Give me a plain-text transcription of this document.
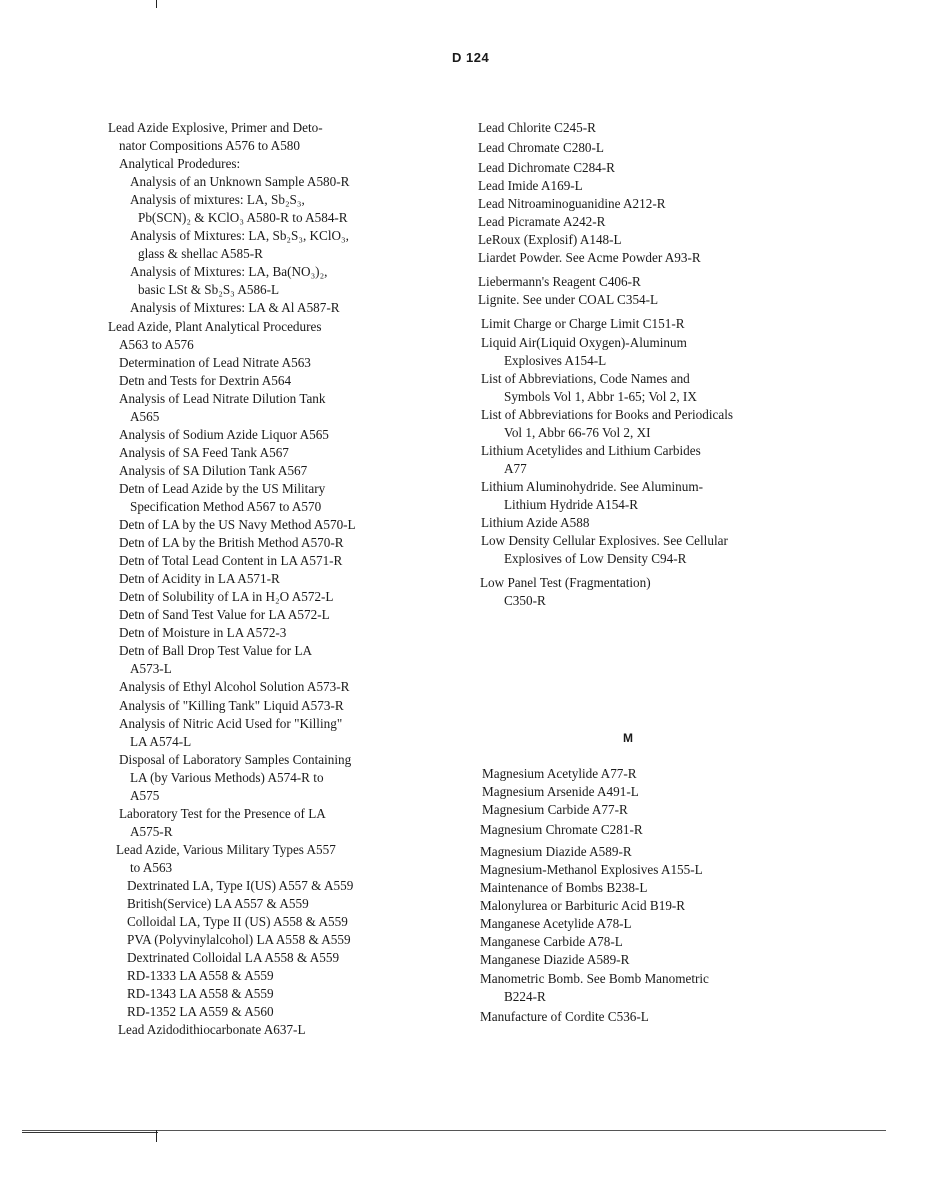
D 124
Lead Azide Explosive, Primer and Deto-
nator Compositions A576 to A580
Analytical Prodedures:
Analysis of an Unknown Sample A580-R
Analysis of mixtures: LA, Sb₂S₃,
Pb(SCN)₂ & KClO₃ A580-R to A584-R
Analysis of Mixtures: LA, Sb₂S₃, KClO₃,
glass & shellac A585-R
Analysis of Mixtures: LA, Ba(NO₃)₂,
basic LSt & Sb₂S₃ A586-L
Analysis of Mixtures: LA & Al A587-R
Lead Azide, Plant Analytical Procedures
A563 to A576
Determination of Lead Nitrate A563
Detn and Tests for Dextrin A564
Analysis of Lead Nitrate Dilution Tank
A565
Analysis of Sodium Azide Liquor A565
Analysis of SA Feed Tank A567
Analysis of SA Dilution Tank A567
Detn of Lead Azide by the US Military
Specification Method A567 to A570
Detn of LA by the US Navy Method A570-L
Detn of LA by the British Method A570-R
Detn of Total Lead Content in LA A571-R
Detn of Acidity in LA A571-R
Detn of Solubility of LA in H₂O A572-L
Detn of Sand Test Value for LA A572-L
Detn of Moisture in LA A572-3
Detn of Ball Drop Test Value for LA
A573-L
Analysis of Ethyl Alcohol Solution A573-R
Analysis of "Killing Tank" Liquid A573-R
Analysis of Nitric Acid Used for "Killing"
LA A574-L
Disposal of Laboratory Samples Containing
LA (by Various Methods) A574-R to
A575
Laboratory Test for the Presence of LA
A575-R
Lead Azide, Various Military Types A557
to A563
Dextrinated LA, Type I(US) A557 & A559
British(Service) LA A557 & A559
Colloidal LA, Type II (US) A558 & A559
PVA (Polyvinylalcohol) LA A558 & A559
Dextrinated Colloidal LA A558 & A559
RD-1333 LA A558 & A559
RD-1343 LA A558 & A559
RD-1352 LA A559 & A560
Lead Azidodithiocarbonate A637-L
Lead Chlorite C245-R
Lead Chromate C280-L
Lead Dichromate C284-R
Lead Imide A169-L
Lead Nitroaminoguanidine A212-R
Lead Picramate A242-R
LeRoux (Explosif) A148-L
Liardet Powder. See Acme Powder A93-R
Liebermann's Reagent C406-R
Lignite. See under COAL C354-L
Limit Charge or Charge Limit C151-R
Liquid Air(Liquid Oxygen)-Aluminum
Explosives A154-L
List of Abbreviations, Code Names and
Symbols Vol 1, Abbr 1-65; Vol 2, IX
List of Abbreviations for Books and Periodicals
Vol 1, Abbr 66-76 Vol 2, XI
Lithium Acetylides and Lithium Carbides
A77
Lithium Aluminohydride. See Aluminum-
Lithium Hydride A154-R
Lithium Azide A588
Low Density Cellular Explosives. See Cellular
Explosives of Low Density C94-R
Low Panel Test (Fragmentation)
C350-R
M
Magnesium Acetylide A77-R
Magnesium Arsenide A491-L
Magnesium Carbide A77-R
Magnesium Chromate C281-R
Magnesium Diazide A589-R
Magnesium-Methanol Explosives A155-L
Maintenance of Bombs B238-L
Malonylurea or Barbituric Acid B19-R
Manganese Acetylide A78-L
Manganese Carbide A78-L
Manganese Diazide A589-R
Manometric Bomb. See Bomb Manometric
B224-R
Manufacture of Cordite C536-L
